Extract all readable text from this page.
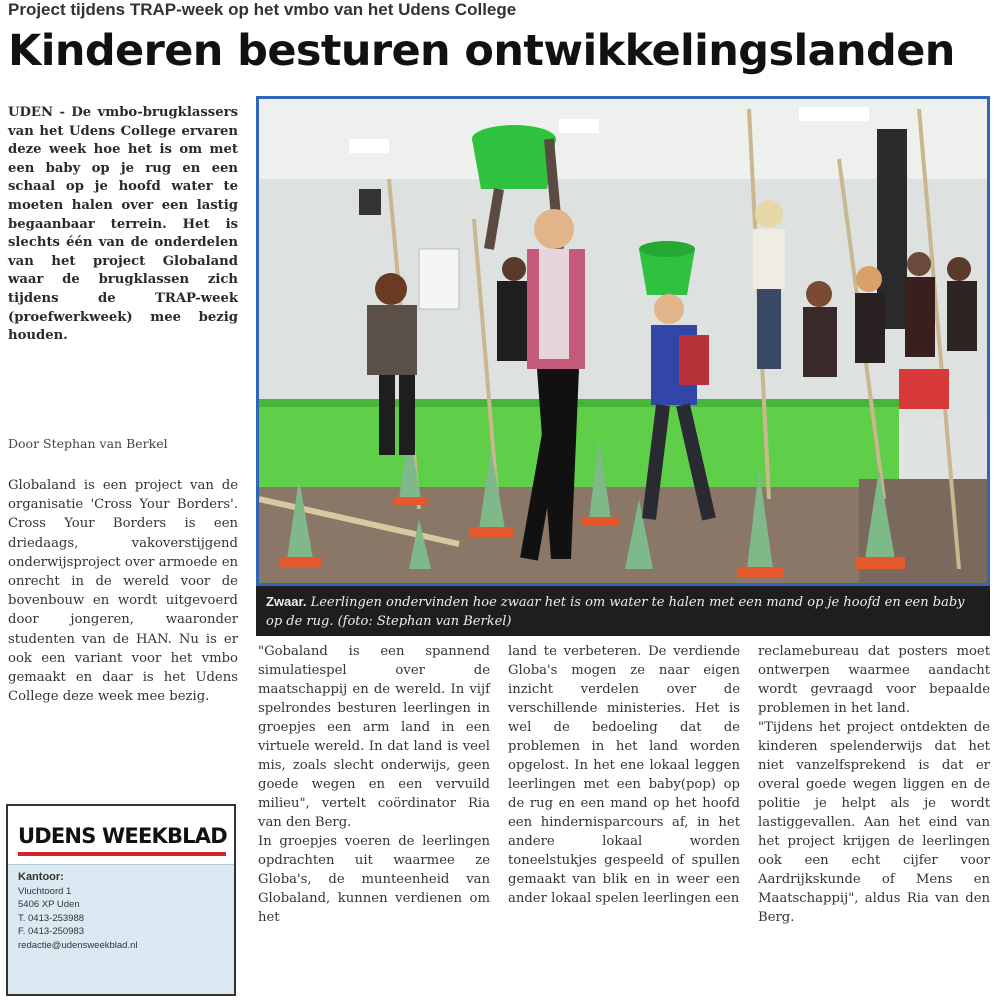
Project tijdens TRAP-week op het vmbo van het Udens College
Kinderen besturen ontwikkelingslanden
UDEN - De vmbo-brugklassers van het Udens College ervaren deze week hoe het is om met een baby op je rug en een schaal op je hoofd water te moeten halen over een lastig begaanbaar terrein. Het is slechts één van de onderdelen van het project Globaland waar de brugklassen zich tijdens de TRAP-week (proefwerkweek) mee bezig houden.
Door Stephan van Berkel
Globaland is een project van de organisatie 'Cross Your Borders'. Cross Your Borders is een driedaags, vakoverstijgend onderwijsproject over armoede en onrecht in de wereld voor de bovenbouw en wordt uitgevoerd door jongeren, waaronder studenten van de HAN. Nu is er ook een variant voor het vmbo gemaakt en daar is het Udens College deze week mee bezig.
Zwaar. Leerlingen ondervinden hoe zwaar het is om water te halen met een mand op je hoofd en een baby op de rug. (foto: Stephan van Berkel)

"Gobaland is een spannend simulatiespel over de maatschappij en de wereld. In vijf spelrondes besturen leerlingen in groepjes een arm land in een virtuele wereld. In dat land is veel mis, zoals slecht onderwijs, geen goede wegen en een vervuild milieu", vertelt coördinator Ria van den Berg.

In groepjes voeren de leerlingen opdrachten uit waarmee ze Globa's, de munteenheid van Globaland, kunnen verdienen om het

land te verbeteren. De verdiende Globa's mogen ze naar eigen inzicht verdelen over de verschillende ministeries. Het is wel de bedoeling dat de problemen in het land worden opgelost. In het ene lokaal leggen leerlingen met een baby(pop) op de rug en een mand op het hoofd een hindernisparcours af, in het andere lokaal worden toneelstukjes gespeeld of spullen gemaakt van blik en in weer een ander lokaal spelen leerlingen een

reclamebureau dat posters moet ontwerpen waarmee aandacht wordt gevraagd voor bepaalde problemen in het land.

"Tijdens het project ontdekten de kinderen spelenderwijs dat het niet vanzelfsprekend is dat er overal goede wegen liggen en de politie je helpt als je wordt lastiggevallen. Aan het eind van het project krijgen de leerlingen ook een echt cijfer voor Aardrijkskunde of Mens en Maatschappij", aldus Ria van den Berg.

UDENS WEEKBLAD
Kantoor:
Vluchtoord 1
5406 XP Uden
T. 0413-253988
F. 0413-250983
redactie@udensweekblad.nl
